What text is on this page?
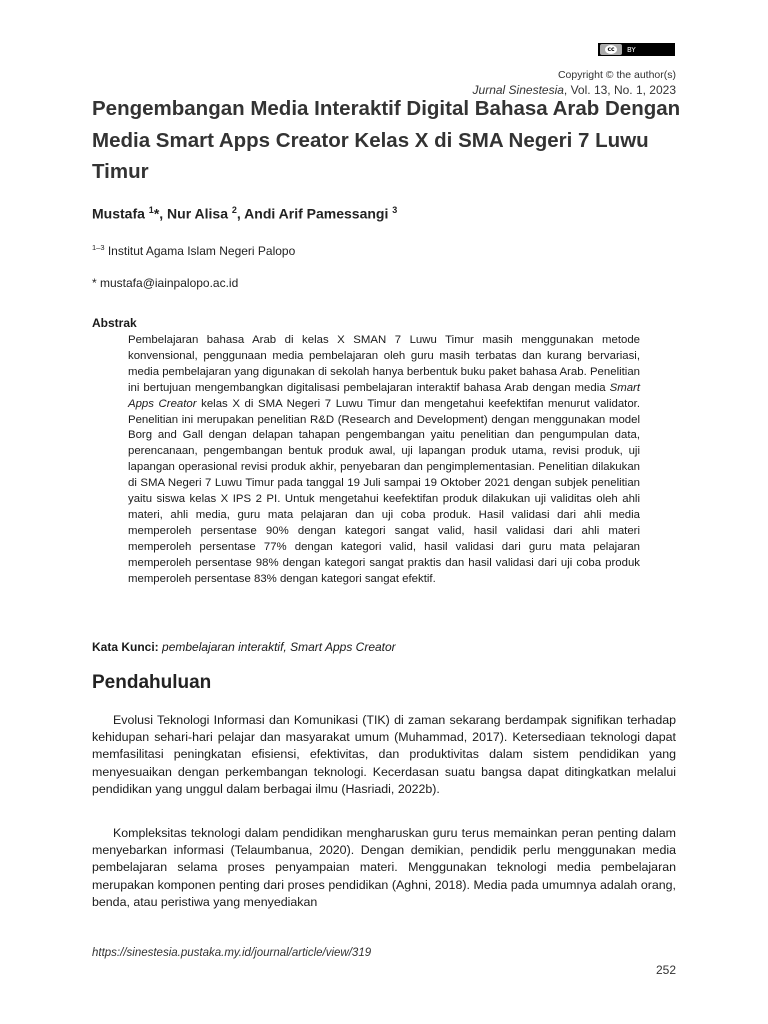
cc	BY

Copyright © the author(s)

Jurnal Sinestesia, Vol. 13, No. 1, 2023

Pengembangan Media Interaktif Digital Bahasa Arab Dengan Media Smart Apps Creator Kelas X di SMA Negeri 7 Luwu Timur

Mustafa $^1$*, Nur Alisa $^2$, Andi Arif Pamessangi $^3$

$^{1-3}$ Institut Agama Islam Negeri Palopo

* mustafa@iainpalopo.ac.id

Abstrak

Pembelajaran bahasa Arab di kelas X SMAN 7 Luwu Timur masih menggunakan metode konvensional, penggunaan media pembelajaran oleh guru masih terbatas dan kurang bervariasi, media pembelajaran yang digunakan di sekolah hanya berbentuk buku paket bahasa Arab. Penelitian ini bertujuan mengembangkan digitalisasi pembelajaran interaktif bahasa Arab dengan media Smart Apps Creator kelas X di SMA Negeri 7 Luwu Timur dan mengetahui keefektifan menurut validator. Penelitian ini merupakan penelitian R&D (Research and Development) dengan menggunakan model Borg and Gall dengan delapan tahapan pengembangan yaitu penelitian dan pengumpulan data, perencanaan, pengembangan bentuk produk awal, uji lapangan produk utama, revisi produk, uji lapangan operasional revisi produk akhir, penyebaran dan pengimplementasian. Penelitian dilakukan di SMA Negeri 7 Luwu Timur pada tanggal 19 Juli sampai 19 Oktober 2021 dengan subjek penelitian yaitu siswa kelas X IPS 2 PI. Untuk mengetahui keefektifan produk dilakukan uji validitas oleh ahli materi, ahli media, guru mata pelajaran dan uji coba produk. Hasil validasi dari ahli media memperoleh persentase 90% dengan kategori sangat valid, hasil validasi dari ahli materi memperoleh persentase 77% dengan kategori valid, hasil validasi dari guru mata pelajaran memperoleh persentase 98% dengan kategori sangat praktis dan hasil validasi dari uji coba produk memperoleh persentase 83% dengan kategori sangat efektif.

Kata Kunci: pembelajaran interaktif, Smart Apps Creator

Pendahuluan

Evolusi Teknologi Informasi dan Komunikasi (TIK) di zaman sekarang berdampak signifikan terhadap kehidupan sehari-hari pelajar dan masyarakat umum (Muhammad, 2017). Ketersediaan teknologi dapat memfasilitasi peningkatan efisiensi, efektivitas, dan produktivitas dalam sistem pendidikan yang menyesuaikan dengan perkembangan teknologi. Kecerdasan suatu bangsa dapat ditingkatkan melalui pendidikan yang unggul dalam berbagai ilmu (Hasriadi, 2022b).

Kompleksitas teknologi dalam pendidikan mengharuskan guru terus memainkan peran penting dalam menyebarkan informasi (Telaumbanua, 2020). Dengan demikian, pendidik perlu menggunakan media pembelajaran selama proses penyampaian materi. Menggunakan teknologi media pembelajaran merupakan komponen penting dari proses pendidikan (Aghni, 2018). Media pada umumnya adalah orang, benda, atau peristiwa yang menyediakan

https://sinestesia.pustaka.my.id/journal/article/view/319

252
